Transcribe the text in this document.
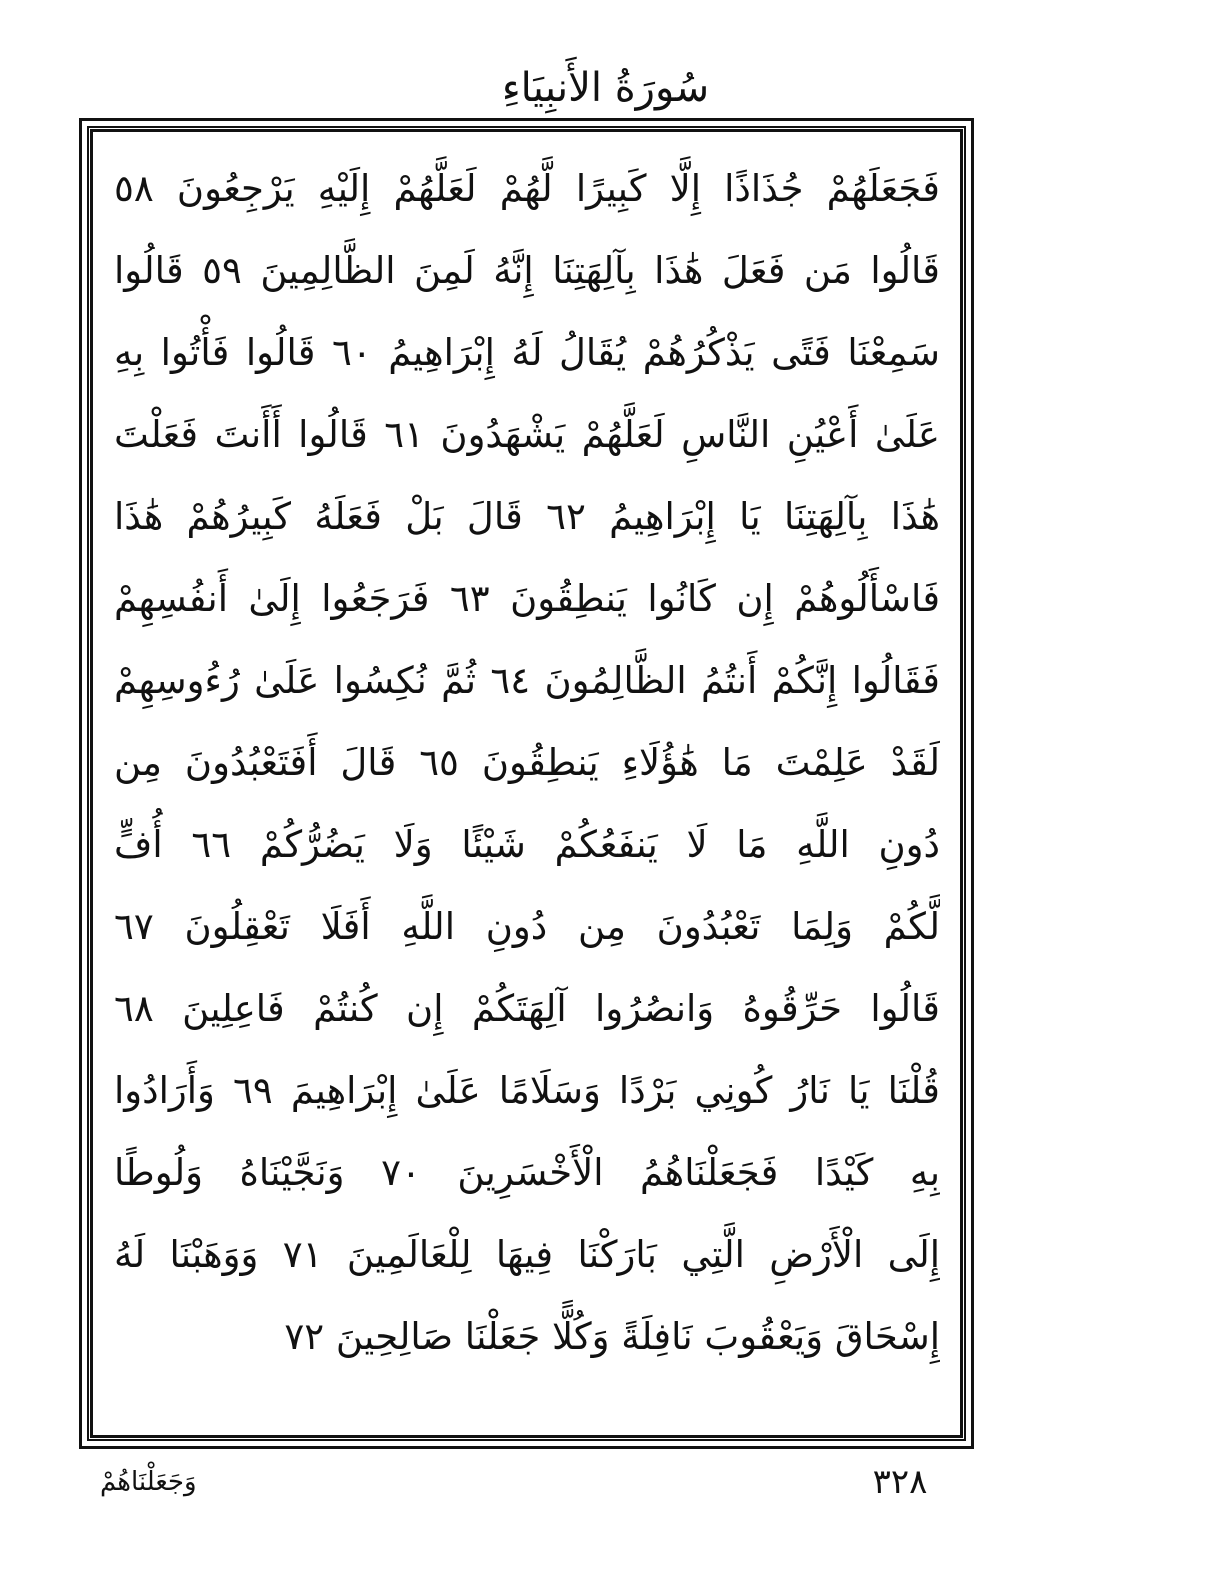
سُورَةُ الأَنبِيَاءِ
فَجَعَلَهُمْ جُذَاذًا إِلَّا كَبِيرًا لَّهُمْ لَعَلَّهُمْ إِلَيْهِ يَرْجِعُونَ ٥٨
قَالُوا مَن فَعَلَ هَٰذَا بِآلِهَتِنَا إِنَّهُ لَمِنَ الظَّالِمِينَ ٥٩ قَالُوا
سَمِعْنَا فَتًى يَذْكُرُهُمْ يُقَالُ لَهُ إِبْرَاهِيمُ ٦٠ قَالُوا فَأْتُوا بِهِ
عَلَىٰ أَعْيُنِ النَّاسِ لَعَلَّهُمْ يَشْهَدُونَ ٦١ قَالُوا أَأَنتَ فَعَلْتَ
هَٰذَا بِآلِهَتِنَا يَا إِبْرَاهِيمُ ٦٢ قَالَ بَلْ فَعَلَهُ كَبِيرُهُمْ هَٰذَا
فَاسْأَلُوهُمْ إِن كَانُوا يَنطِقُونَ ٦٣ فَرَجَعُوا إِلَىٰ أَنفُسِهِمْ
فَقَالُوا إِنَّكُمْ أَنتُمُ الظَّالِمُونَ ٦٤ ثُمَّ نُكِسُوا عَلَىٰ رُءُوسِهِمْ
لَقَدْ عَلِمْتَ مَا هَٰؤُلَاءِ يَنطِقُونَ ٦٥ قَالَ أَفَتَعْبُدُونَ مِن
دُونِ اللَّهِ مَا لَا يَنفَعُكُمْ شَيْئًا وَلَا يَضُرُّكُمْ ٦٦ أُفٍّ
لَّكُمْ وَلِمَا تَعْبُدُونَ مِن دُونِ اللَّهِ أَفَلَا تَعْقِلُونَ ٦٧
قَالُوا حَرِّقُوهُ وَانصُرُوا آلِهَتَكُمْ إِن كُنتُمْ فَاعِلِينَ ٦٨
قُلْنَا يَا نَارُ كُونِي بَرْدًا وَسَلَامًا عَلَىٰ إِبْرَاهِيمَ ٦٩ وَأَرَادُوا
بِهِ كَيْدًا فَجَعَلْنَاهُمُ الْأَخْسَرِينَ ٧٠ وَنَجَّيْنَاهُ وَلُوطًا
إِلَى الْأَرْضِ الَّتِي بَارَكْنَا فِيهَا لِلْعَالَمِينَ ٧١ وَوَهَبْنَا لَهُ
إِسْحَاقَ وَيَعْقُوبَ نَافِلَةً وَكُلًّا جَعَلْنَا صَالِحِينَ ٧٢
٣٢٨
وَجَعَلْنَاهُمْ
